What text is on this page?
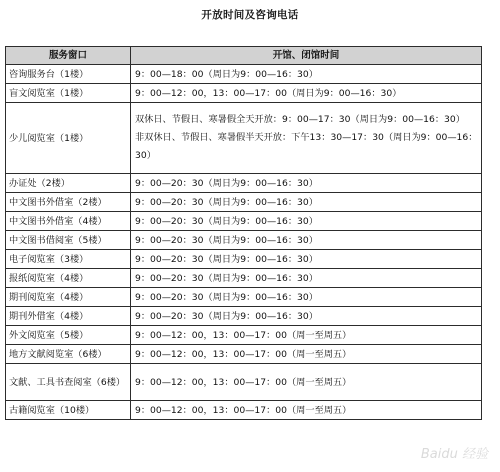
开放时间及咨询电话
服务窗口	开馆、闭馆时间
咨询服务台（1楼）	9：00—18：00（周日为9：00—16：30）
盲文阅览室（1楼）	9：00—12：00，13：00—17：00（周日为9：00—16：30）
少儿阅览室（1楼）	双休日、节假日、寒暑假全天开放：9：00—17：30（周日为9：00—16：30）
非双休日、节假日、寒暑假半天开放：下午13：30—17：30（周日为9：00—16：30）

办证处（2楼）	9：00—20：30（周日为9：00—16：30）
中文图书外借室（2楼）	9：00—20：30（周日为9：00—16：30）
中文图书外借室（4楼）	9：00—20：30（周日为9：00—16：30）
中文图书借阅室（5楼）	9：00—20：30（周日为9：00—16：30）
电子阅览室（3楼）	9：00—20：30（周日为9：00—16：30）
报纸阅览室（4楼）	9：00—20：30（周日为9：00—16：30）
期刊阅览室（4楼）	9：00—20：30（周日为9：00—16：30）
期刊外借室（4楼）	9：00—20：30（周日为9：00—16：30）
外文阅览室（5楼）	9：00—12：00，13：00—17：00（周一至周五）
地方文献阅览室（6楼）	9：00—12：00，13：00—17：00（周一至周五）
文献、工具书查阅室（6楼）	9：00—12：00，13：00—17：00（周一至周五）
古籍阅览室（10楼）	9：00—12：00，13：00—17：00（周一至周五）
Baidu 经验
